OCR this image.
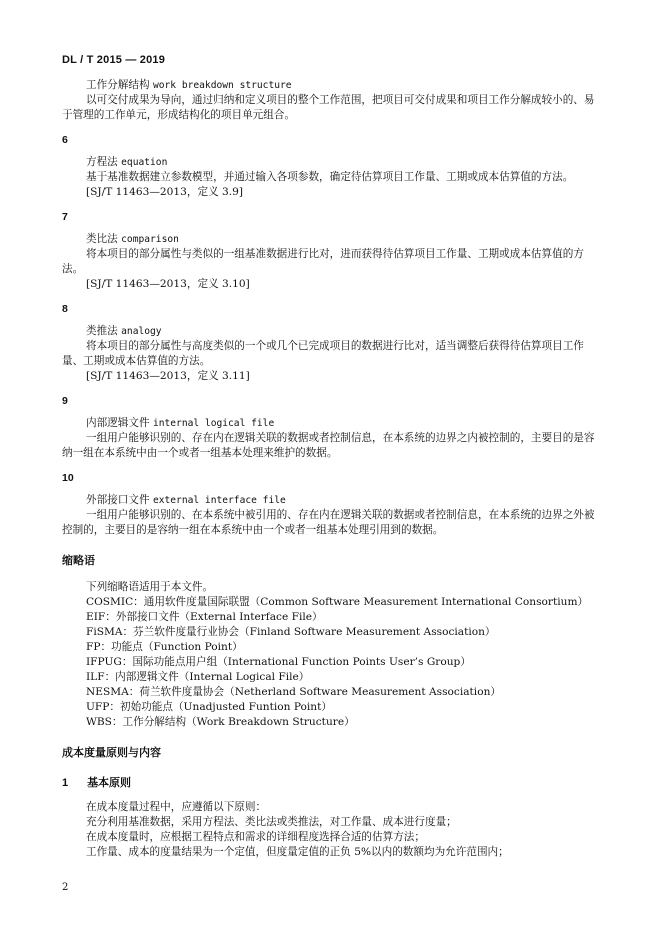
DL / T 2015 — 2019

工作分解结构 work breakdown structure

以可交付成果为导向，通过归纳和定义项目的整个工作范围，把项目可交付成果和项目工作分解成较小的、易于管理的工作单元，形成结构化的项目单元组合。

6

方程法 equation

基于基准数据建立参数模型，并通过输入各项参数，确定待估算项目工作量、工期或成本估算值的方法。

[SJ/T 11463—2013，定义 3.9]

7

类比法 comparison

将本项目的部分属性与类似的一组基准数据进行比对，进而获得待估算项目工作量、工期或成本估算值的方法。

[SJ/T 11463—2013，定义 3.10]

8

类推法 analogy

将本项目的部分属性与高度类似的一个或几个已完成项目的数据进行比对，适当调整后获得待估算项目工作量、工期或成本估算值的方法。

[SJ/T 11463—2013，定义 3.11]

9

内部逻辑文件 internal logical file

一组用户能够识别的、存在内在逻辑关联的数据或者控制信息，在本系统的边界之内被控制的，主要目的是容纳一组在本系统中由一个或者一组基本处理来维护的数据。

10

外部接口文件 external interface file

一组用户能够识别的、在本系统中被引用的、存在内在逻辑关联的数据或者控制信息，在本系统的边界之外被控制的，主要目的是容纳一组在本系统中由一个或者一组基本处理引用到的数据。

缩略语

下列缩略语适用于本文件。

COSMIC：通用软件度量国际联盟（Common Software Measurement International Consortium）

EIF：外部接口文件（External Interface File）

FiSMA：芬兰软件度量行业协会（Finland Software Measurement Association）

FP：功能点（Function Point）

IFPUG：国际功能点用户组（International Function Points User’s Group）

ILF：内部逻辑文件（Internal Logical File）

NESMA：荷兰软件度量协会（Netherland Software Measurement Association）

UFP：初始功能点（Unadjusted Funtion Point）

WBS：工作分解结构（Work Breakdown Structure）

成本度量原则与内容
1 基本原则

在成本度量过程中，应遵循以下原则：

充分利用基准数据，采用方程法、类比法或类推法，对工作量、成本进行度量；

在成本度量时，应根据工程特点和需求的详细程度选择合适的估算方法；

工作量、成本的度量结果为一个定值，但度量定值的正负 5%以内的数额均为允许范围内；

2
